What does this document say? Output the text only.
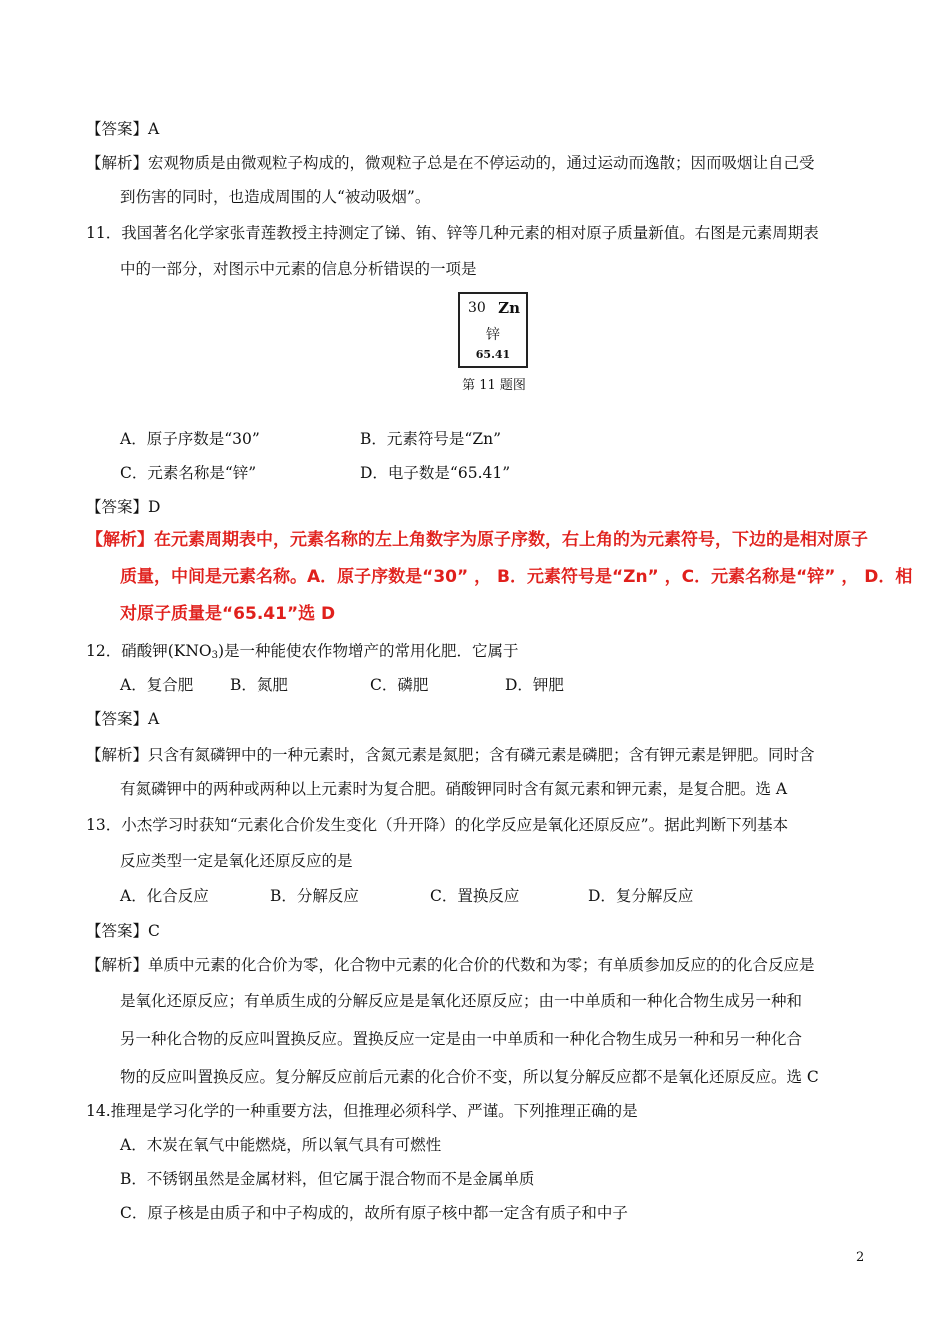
【答案】A
【解析】宏观物质是由微观粒子构成的，微观粒子总是在不停运动的，通过运动而逸散；因而吸烟让自己受
到伤害的同时，也造成周围的人“被动吸烟”。
11．我国著名化学家张青莲教授主持测定了锑、铕、锌等几种元素的相对原子质量新值。右图是元素周期表
中的一部分，对图示中元素的信息分析错误的一项是
30 Zn
锌
65.41
第 11 题图
A．原子序数是“30”	B．元素符号是“Zn”
C．元素名称是“锌”	D．电子数是“65.41”
【答案】D
【解析】在元素周期表中，元素名称的左上角数字为原子序数，右上角的为元素符号，下边的是相对原子
质量，中间是元素名称。A．原子序数是“30” ， B．元素符号是“Zn” ，C．元素名称是“锌” ， D．相
对原子质量是“65.41”选 D
12．硝酸钾$(KNO_3)$是一种能使农作物增产的常用化肥．它属于
A．复合肥 B．氮肥	C．磷肥	D．钾肥
【答案】A
【解析】只含有氮磷钾中的一种元素时，含氮元素是氮肥；含有磷元素是磷肥；含有钾元素是钾肥。同时含
有氮磷钾中的两种或两种以上元素时为复合肥。硝酸钾同时含有氮元素和钾元素，是复合肥。选 A
13．小杰学习时获知“元素化合价发生变化（升开降）的化学反应是氧化还原反应”。据此判断下列基本
反应类型一定是氧化还原反应的是
A．化合反应	B．分解反应	C．置换反应	D．复分解反应
【答案】C
【解析】单质中元素的化合价为零，化合物中元素的化合价的代数和为零；有单质参加反应的的化合反应是
是氧化还原反应；有单质生成的分解反应是是氧化还原反应；由一中单质和一种化合物生成另一种和
另一种化合物的反应叫置换反应。置换反应一定是由一中单质和一种化合物生成另一种和另一种化合
物的反应叫置换反应。复分解反应前后元素的化合价不变，所以复分解反应都不是氧化还原反应。选 C
14.推理是学习化学的一种重要方法，但推理必须科学、严谨。下列推理正确的是
A．木炭在氧气中能燃烧，所以氧气具有可燃性
B．不锈钢虽然是金属材料，但它属于混合物而不是金属单质
C．原子核是由质子和中子构成的，故所有原子核中都一定含有质子和中子
2
